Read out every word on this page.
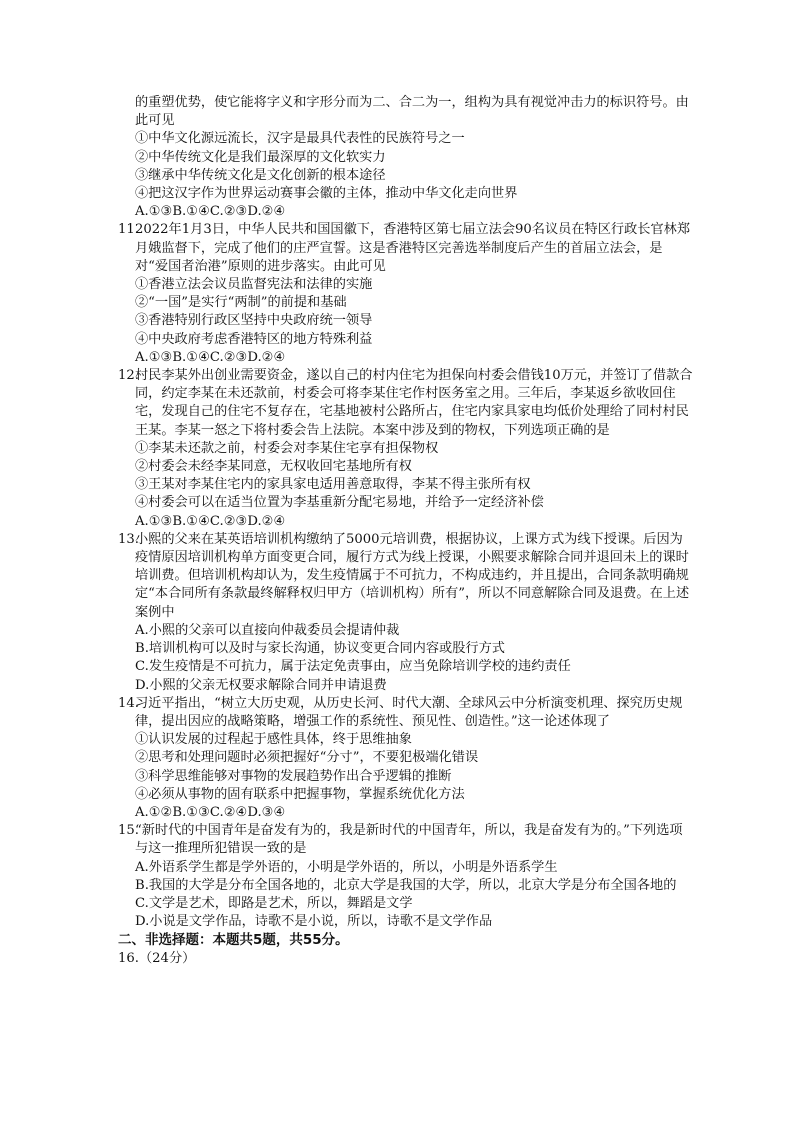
的重塑优势，使它能将字义和字形分而为二、合二为一，组构为具有视觉冲击力的标识符号。由此可见

①中华文化源远流长，汉字是最具代表性的民族符号之一

②中华传统文化是我们最深厚的文化软实力

③继承中华传统文化是文化创新的根本途径

④把这汉字作为世界运动赛事会徽的主体，推动中华文化走向世界

A.①③B.①④C.②③D.②④

11.
2022年1月3日，中华人民共和国国徽下，香港特区第七届立法会90名议员在特区行政长官林郑月娥监督下，完成了他们的庄严宣誓。这是香港特区完善选举制度后产生的首届立法会，是对“爱国者治港”原则的进步落实。由此可见

①香港立法会议员监督宪法和法律的实施

②“一国”是实行“两制”的前提和基础

③香港特别行政区坚持中央政府统一领导

④中央政府考虑香港特区的地方特殊利益

A.①③B.①④C.②③D.②④

12.
村民李某外出创业需要资金，遂以自己的村内住宅为担保向村委会借钱10万元，并签订了借款合同，约定李某在未还款前，村委会可将李某住宅作村医务室之用。三年后，李某返乡欲收回住宅，发现自己的住宅不复存在，宅基地被村公路所占，住宅内家具家电均低价处理给了同村村民王某。李某一怒之下将村委会告上法院。本案中涉及到的物权，下列选项正确的是

①李某未还款之前，村委会对李某住宅享有担保物权

②村委会未经李某同意，无权收回宅基地所有权

③王某对李某住宅内的家具家电适用善意取得，李某不得主张所有权

④村委会可以在适当位置为李基重新分配宅易地，并给予一定经济补偿

A.①③B.①④C.②③D.②④

13.
小熙的父来在某英语培训机构缴纳了5000元培训费，根据协议，上课方式为线下授课。后因为疫情原因培训机构单方面变更合同，履行方式为线上授课，小熙要求解除合同并退回未上的课时培训费。但培训机构却认为，发生疫情属于不可抗力，不构成违约，并且提出，合同条款明确规定“本合同所有条款最终解释权归甲方（培训机构）所有”，所以不同意解除合同及退费。在上述案例中
A. 小熙的父亲可以直接向仲裁委员会提请仲裁
B. 培训机构可以及时与家长沟通，协议变更合同内容或股行方式
C. 发生疫情是不可抗力，属于法定免责事由，应当免除培训学校的违约责任
D. 小熙的父亲无权要求解除合同并申请退费
14.
习近平指出，“树立大历史观，从历史长河、时代大潮、全球风云中分析演变机理、探究历史规律，提出因应的战略策略，增强工作的系统性、预见性、创造性。”这一论述体现了

①认识发展的过程起于感性具体，终于思维抽象

②思考和处理问题时必须把握好“分寸”，不要犯极端化错误

③科学思维能够对事物的发展趋势作出合乎逻辑的推断

④必须从事物的固有联系中把握事物，掌握系统优化方法

A.①②B.①③C.②④D.③④

15.
“新时代的中国青年是奋发有为的，我是新时代的中国青年，所以，我是奋发有为的。”下列选项与这一推理所犯错误一致的是
A. 外语系学生都是学外语的，小明是学外语的，所以，小明是外语系学生
B. 我国的大学是分布全国各地的，北京大学是我国的大学，所以，北京大学是分布全国各地的
C. 文学是艺术，即路是艺术，所以，舞蹈是文学
D. 小说是文学作品，诗歌不是小说，所以，诗歌不是文学作品

二、非选择题：本题共5题，共55分。

16.（24分）
